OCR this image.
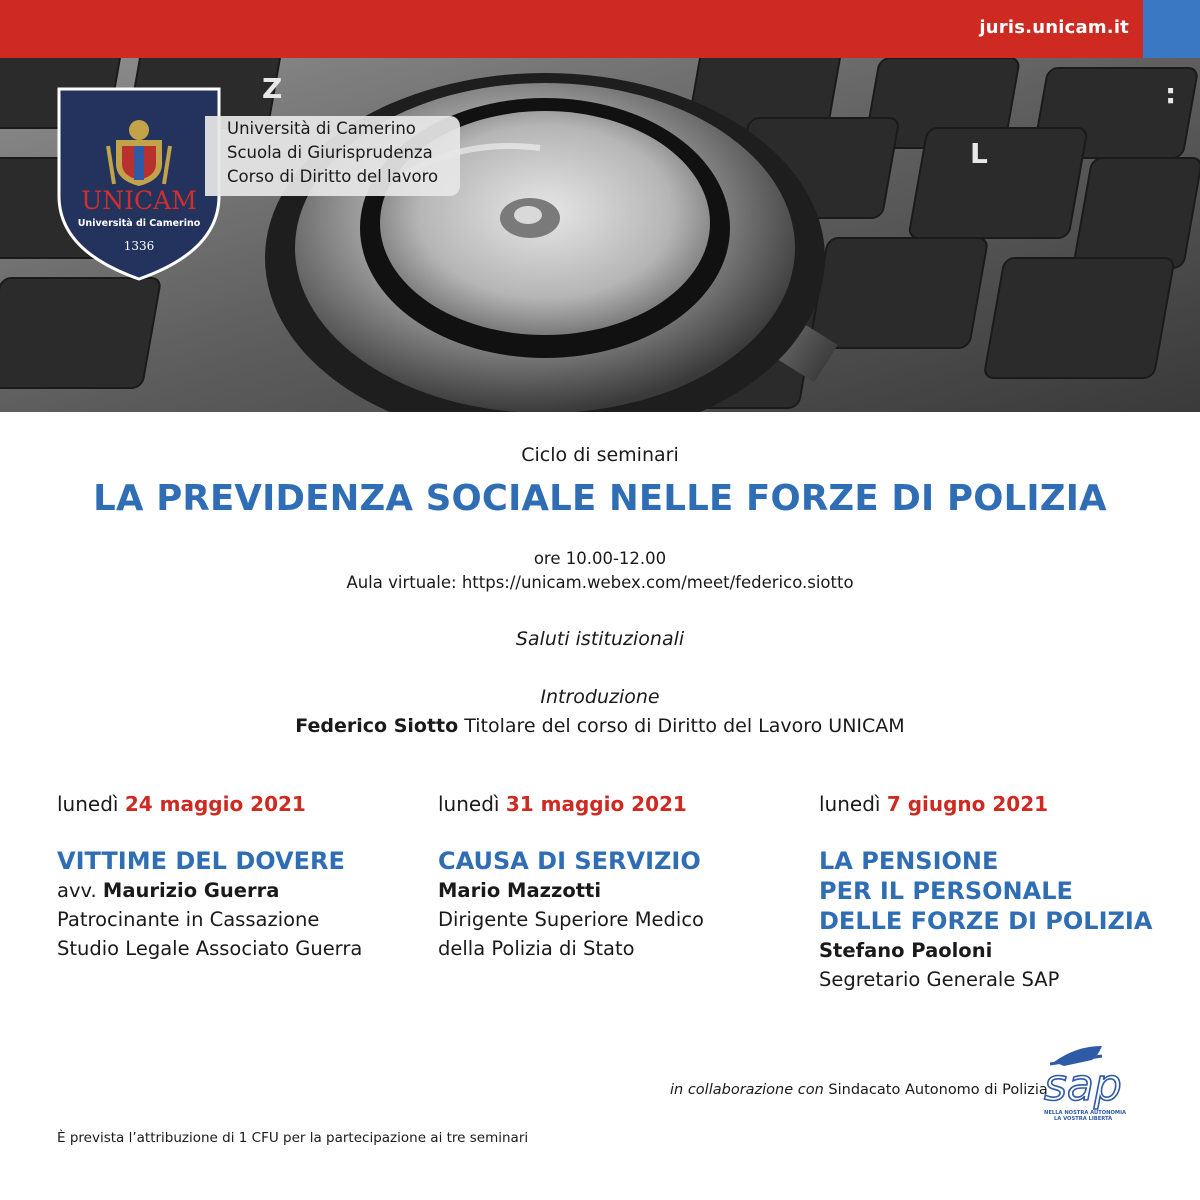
juris.unicam.it
Z
L
:
UNICAM
Università di Camerino
1336
Università di Camerino
Scuola di Giurisprudenza
Corso di Diritto del lavoro
Ciclo di seminari
LA PREVIDENZA SOCIALE NELLE FORZE DI POLIZIA
ore 10.00-12.00
Aula virtuale: https://unicam.webex.com/meet/federico.siotto
Saluti istituzionali
Introduzione
Federico Siotto Titolare del corso di Diritto del Lavoro UNICAM
lunedì 24 maggio 2021
VITTIME DEL DOVERE
avv. Maurizio Guerra
Patrocinante in Cassazione
Studio Legale Associato Guerra
lunedì 31 maggio 2021
CAUSA DI SERVIZIO
Mario Mazzotti
Dirigente Superiore Medico
della Polizia di Stato
lunedì 7 giugno 2021
LA PENSIONE
PER IL PERSONALE
DELLE FORZE DI POLIZIA
Stefano Paoloni
Segretario Generale SAP
in collaborazione con Sindacato Autonomo di Polizia
sap
NELLA NOSTRA AUTONOMIA
LA VOSTRA LIBERTÀ
È prevista l’attribuzione di 1 CFU per la partecipazione ai tre seminari
